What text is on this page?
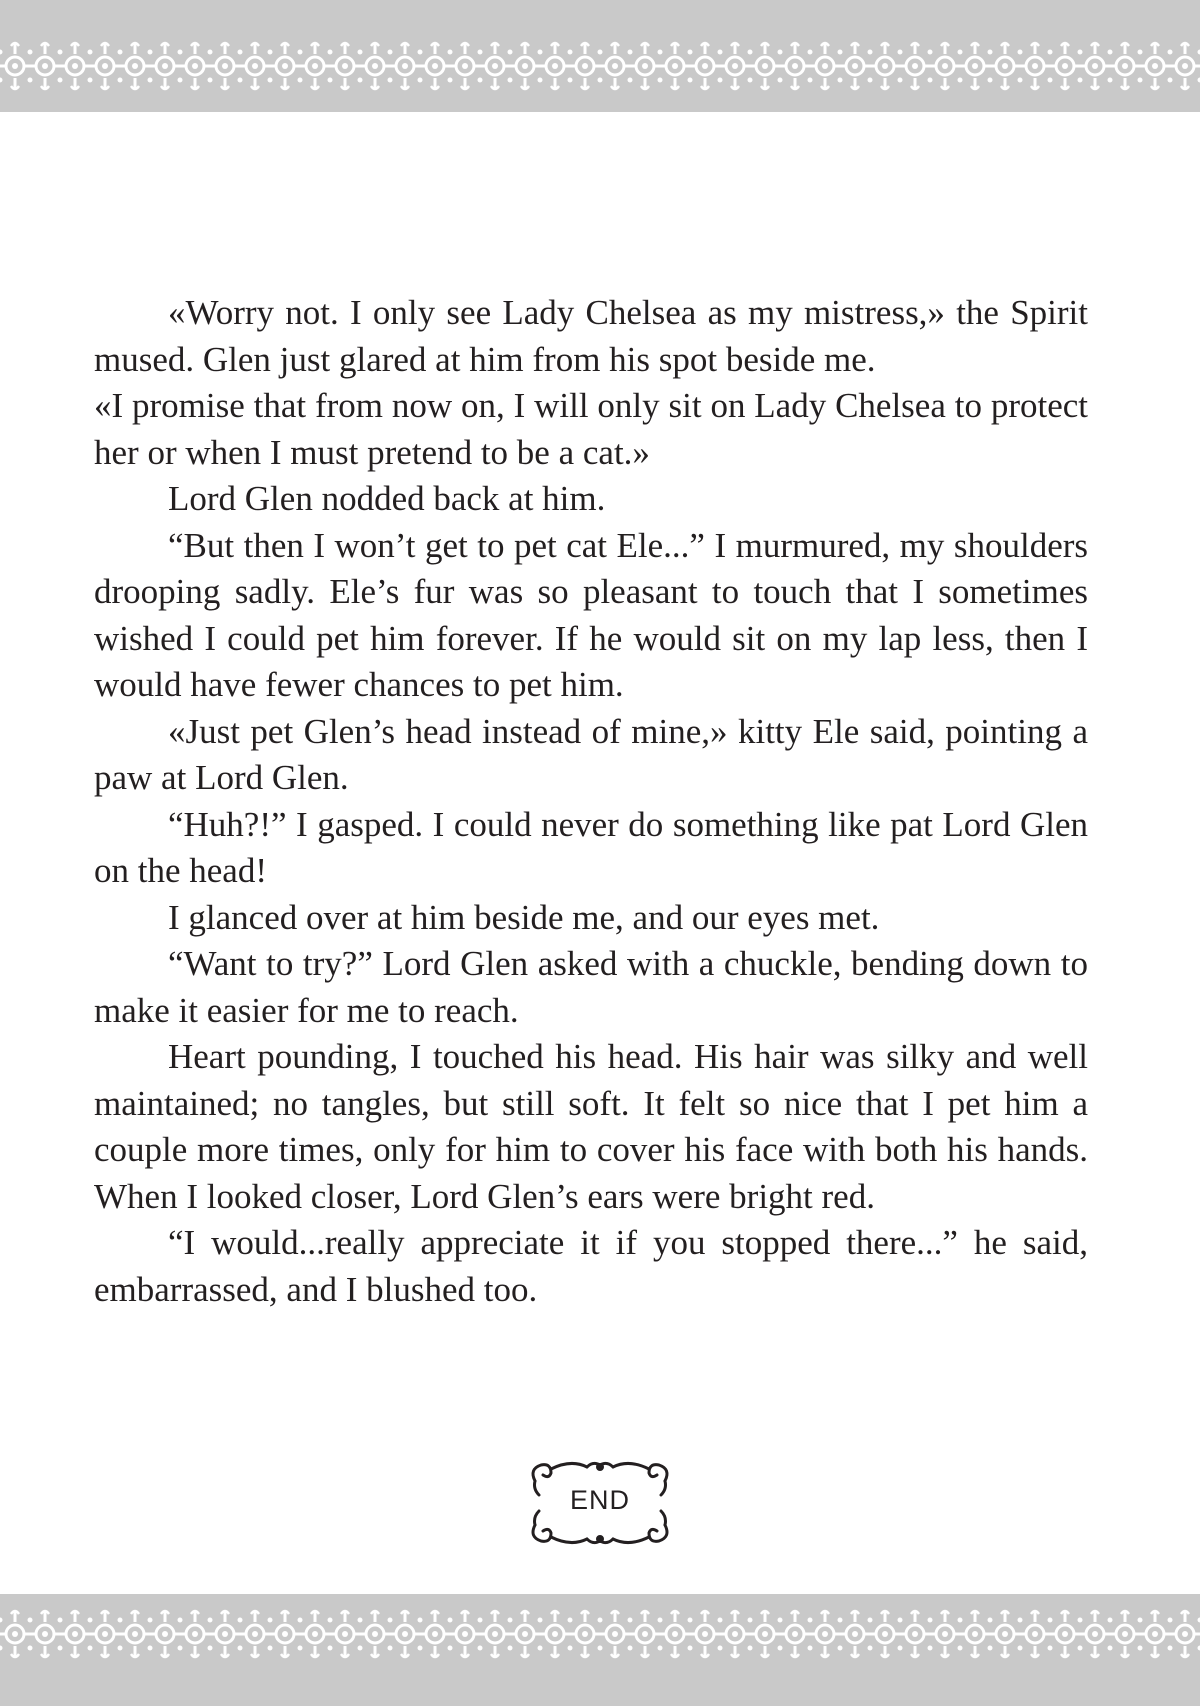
«Worry not. I only see Lady Chelsea as my mistress,» the Spirit mused. Glen just glared at him from his spot beside me.

«I promise that from now on, I will only sit on Lady Chelsea to protect her or when I must pretend to be a cat.»

Lord Glen nodded back at him.

“But then I won’t get to pet cat Ele...” I murmured, my shoulders drooping sadly. Ele’s fur was so pleasant to touch that I sometimes wished I could pet him forever. If he would sit on my lap less, then I would have fewer chances to pet him.

«Just pet Glen’s head instead of mine,» kitty Ele said, pointing a paw at Lord Glen.

“Huh?!” I gasped. I could never do something like pat Lord Glen on the head!

I glanced over at him beside me, and our eyes met.

“Want to try?” Lord Glen asked with a chuckle, bending down to make it easier for me to reach.

Heart pounding, I touched his head. His hair was silky and well maintained; no tangles, but still soft. It felt so nice that I pet him a couple more times, only for him to cover his face with both his hands. When I looked closer, Lord Glen’s ears were bright red.

“I would...really appreciate it if you stopped there...” he said, embarrassed, and I blushed too.

END
